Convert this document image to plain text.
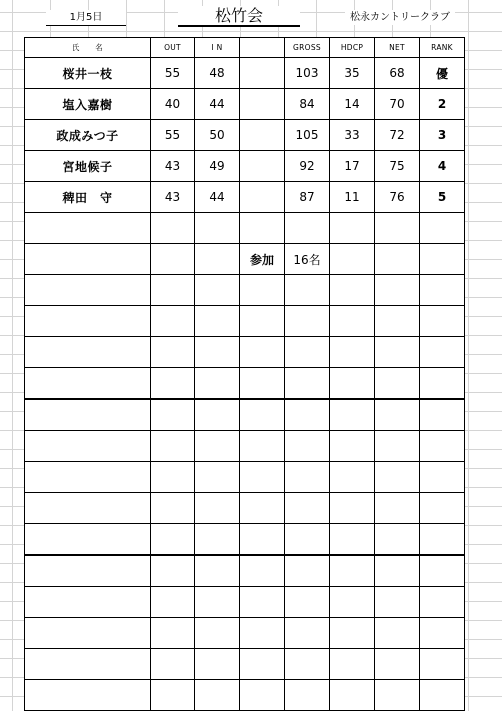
1月5日	松竹会	松永カントリークラブ
氏　　名	OUT	I N		GROSS	HDCP	NET	RANK
桜井一枝	55	48		103	35	68	優
塩入嘉樹	40	44		84	14	70	2
政成みつ子	55	50		105	33	72	3
宮地候子	43	49		92	17	75	4
稗田　守	43	44		87	11	76	5

			参加	16名			
